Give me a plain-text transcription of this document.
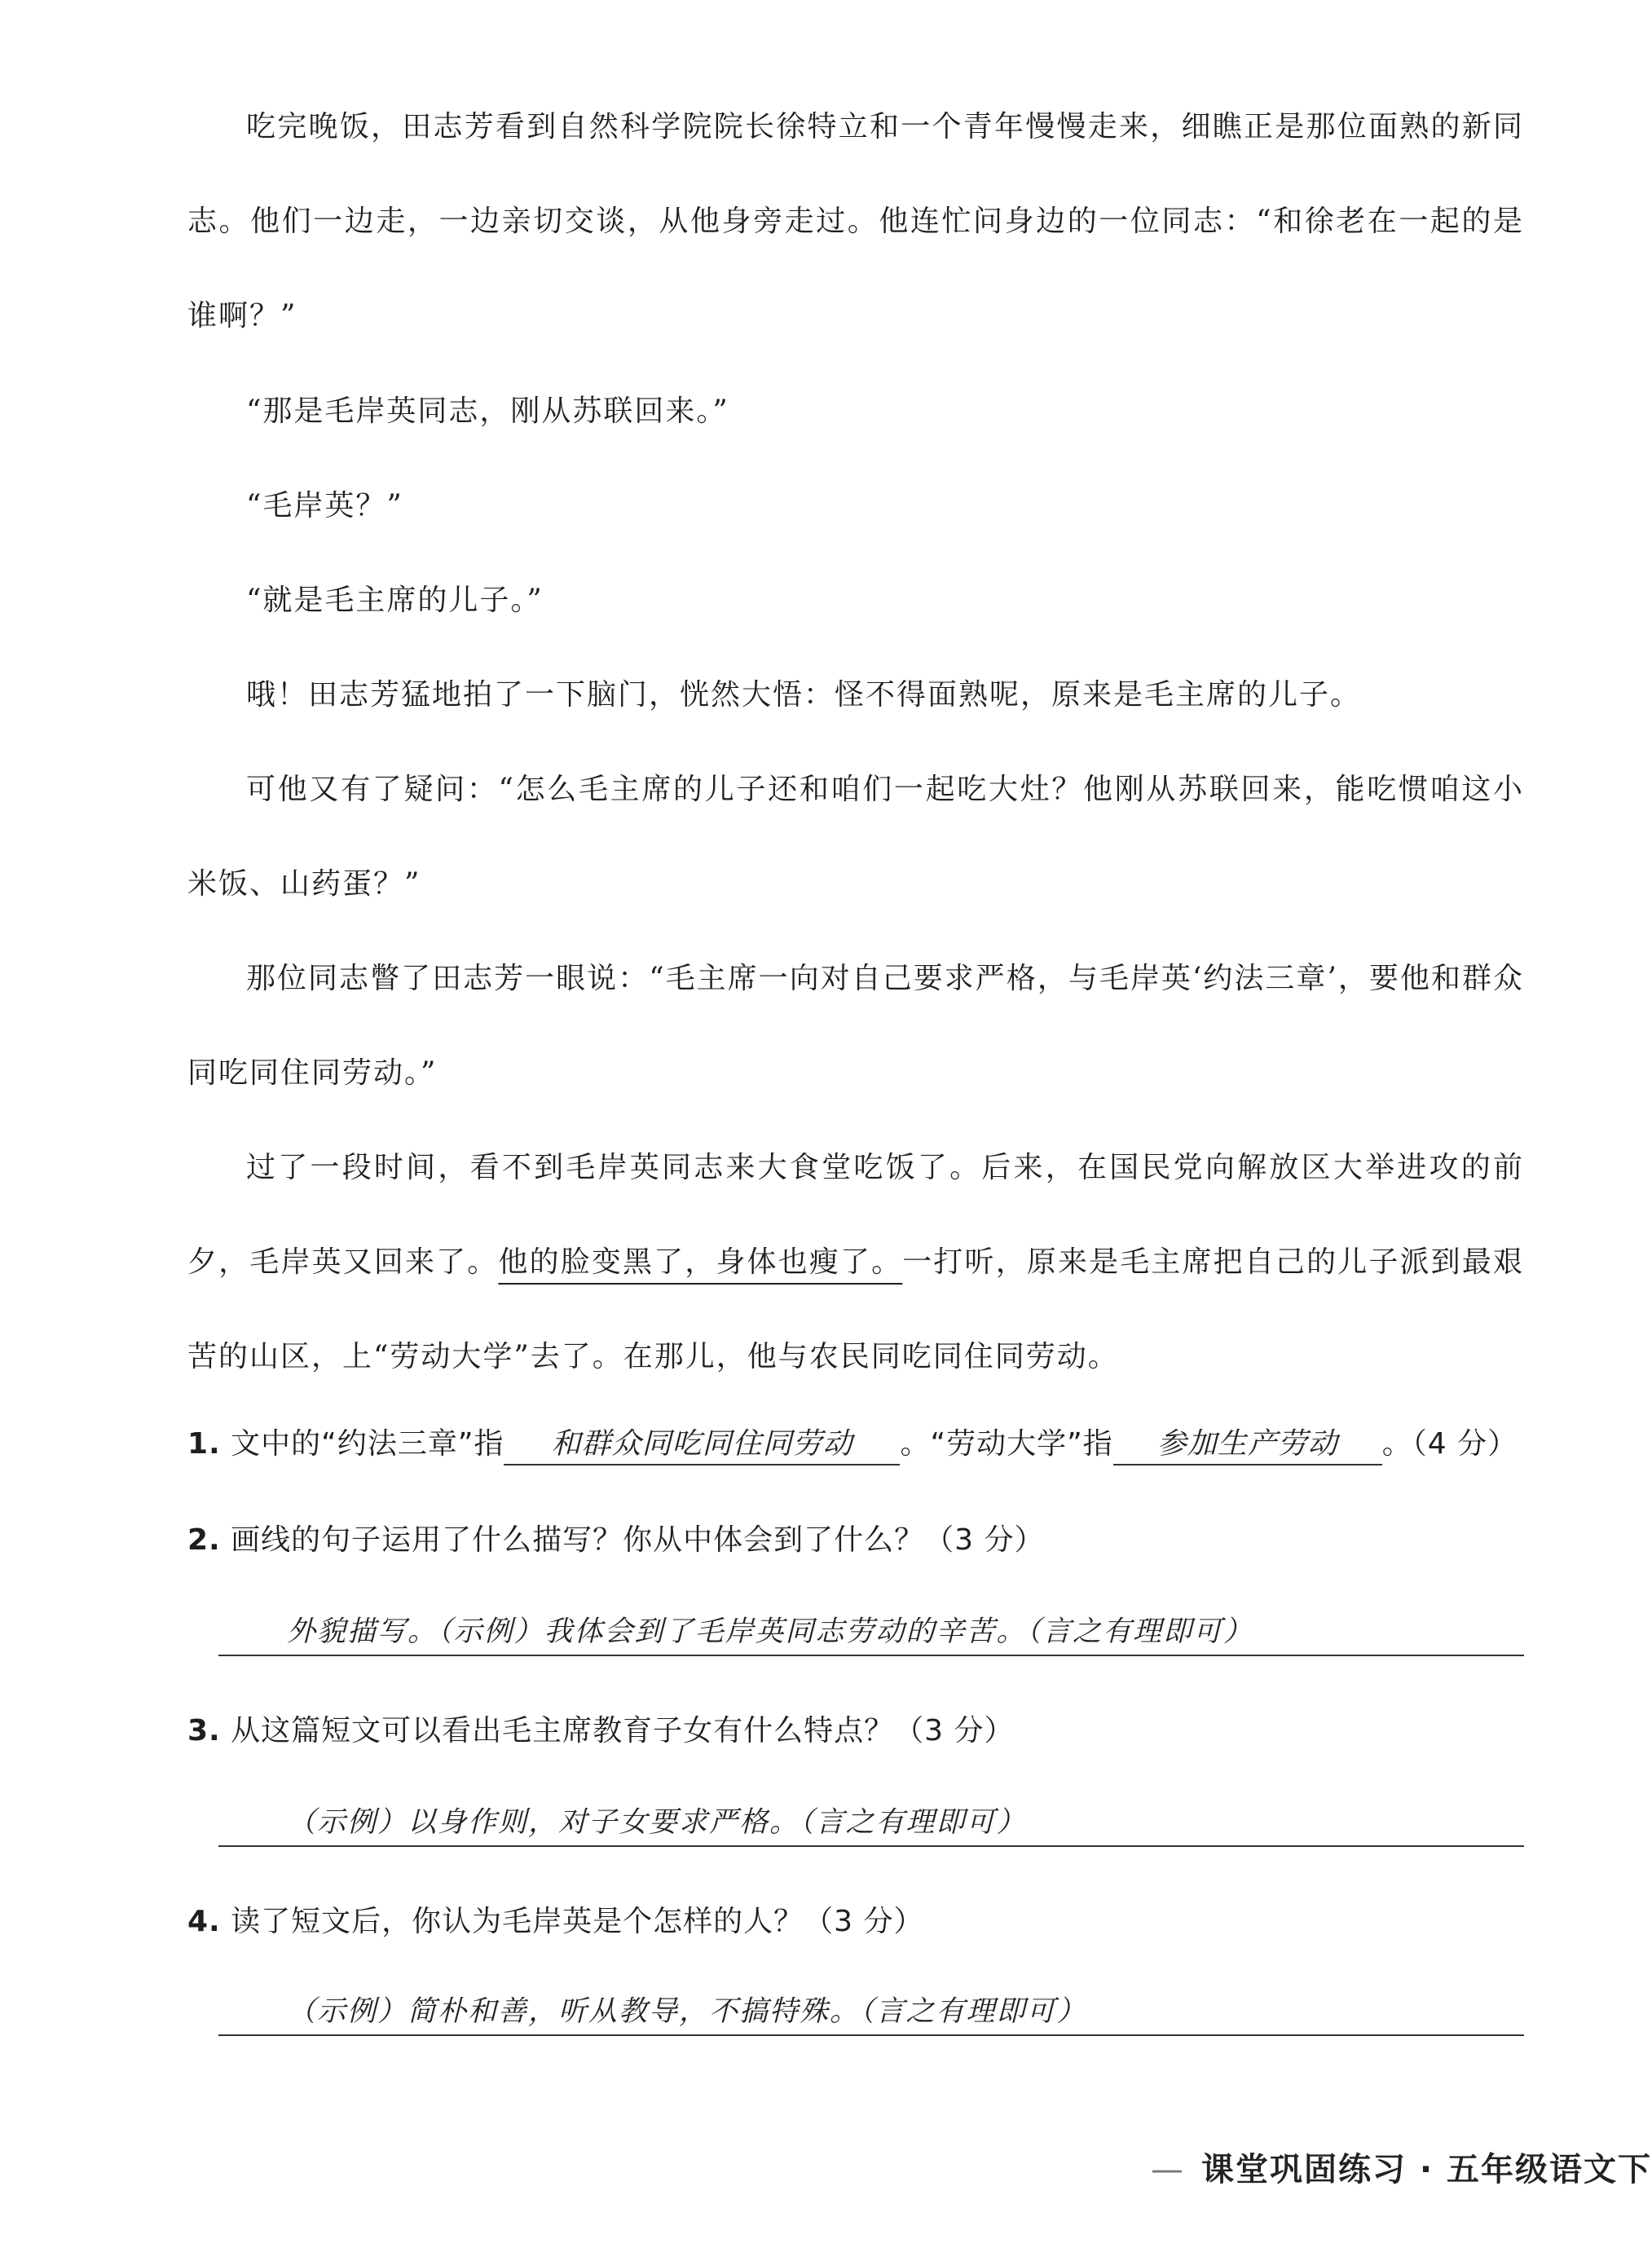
吃完晚饭，田志芳看到自然科学院院长徐特立和一个青年慢慢走来，细瞧正是那位面熟的新同志。他们一边走，一边亲切交谈，从他身旁走过。他连忙问身边的一位同志：“和徐老在一起的是谁啊？”

“那是毛岸英同志，刚从苏联回来。”

“毛岸英？”

“就是毛主席的儿子。”

哦！田志芳猛地拍了一下脑门，恍然大悟：怪不得面熟呢，原来是毛主席的儿子。

可他又有了疑问：“怎么毛主席的儿子还和咱们一起吃大灶？他刚从苏联回来，能吃惯咱这小米饭、山药蛋？”

那位同志瞥了田志芳一眼说：“毛主席一向对自己要求严格，与毛岸英‘约法三章’，要他和群众同吃同住同劳动。”

过了一段时间，看不到毛岸英同志来大食堂吃饭了。后来，在国民党向解放区大举进攻的前夕，毛岸英又回来了。他的脸变黑了，身体也瘦了。一打听，原来是毛主席把自己的儿子派到最艰苦的山区，上“劳动大学”去了。在那儿，他与农民同吃同住同劳动。

1. 文中的“约法三章”指 和群众同吃同住同劳动 。“劳动大学”指 参加生产劳动 。（4 分）
2. 画线的句子运用了什么描写？你从中体会到了什么？（3 分）
外貌描写。（示例）我体会到了毛岸英同志劳动的辛苦。（言之有理即可）
3. 从这篇短文可以看出毛主席教育子女有什么特点？（3 分）
（示例）以身作则，对子女要求严格。（言之有理即可）
4. 读了短文后，你认为毛岸英是个怎样的人？（3 分）
（示例）简朴和善，听从教导，不搞特殊。（言之有理即可）
— 课堂巩固练习 · 五年级语文下
